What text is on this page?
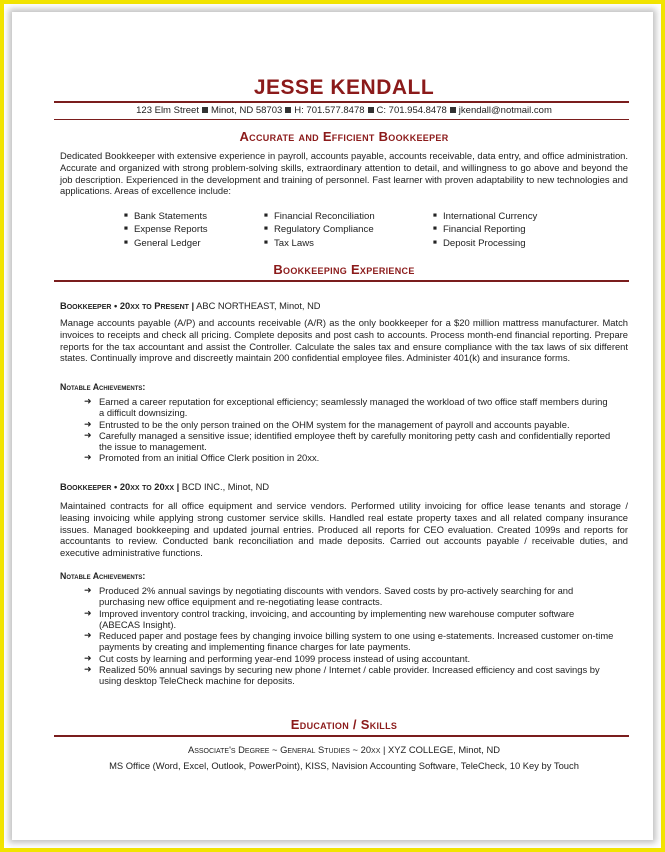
JESSE KENDALL
123 Elm Street Minot, ND 58703 H: 701.577.8478 C: 701.954.8478 jkendall@notmail.com
Accurate and Efficient Bookkeeper
Dedicated Bookkeeper with extensive experience in payroll, accounts payable, accounts receivable, data entry, and office administration. Accurate and organized with strong problem-solving skills, extraordinary attention to detail, and willingness to go above and beyond the job description. Experienced in the development and training of personnel. Fast learner with proven adaptability to new technologies and applications. Areas of excellence include:
■ Bank Statements
■ Expense Reports
■ General Ledger
■ Financial Reconciliation
■ Regulatory Compliance
■ Tax Laws
■ International Currency
■ Financial Reporting
■ Deposit Processing
Bookkeeping Experience
Bookkeeper • 20xx to Present | ABC NORTHEAST, Minot, ND
Manage accounts payable (A/P) and accounts receivable (A/R) as the only bookkeeper for a $20 million mattress manufacturer. Match invoices to receipts and check all pricing. Complete deposits and post cash to accounts. Process month-end financial reporting. Prepare reports for the tax accountant and assist the Controller. Calculate the sales tax and ensure compliance with the tax laws of six different states. Continually improve and discreetly maintain 200 confidential employee files. Administer 401(k) and insurance forms.
Notable Achievements:
➜ Earned a career reputation for exceptional efficiency; seamlessly managed the workload of two office staff members during a difficult downsizing.
➜ Entrusted to be the only person trained on the OHM system for the management of payroll and accounts payable.
➜ Carefully managed a sensitive issue; identified employee theft by carefully monitoring petty cash and confidentially reported the issue to management.
➜ Promoted from an initial Office Clerk position in 20xx.
Bookkeeper • 20xx to 20xx | BCD INC., Minot, ND
Maintained contracts for all office equipment and service vendors. Performed utility invoicing for office lease tenants and storage / leasing invoicing while applying strong customer service skills. Handled real estate property taxes and all related company insurance issues. Managed bookkeeping and updated journal entries. Produced all reports for CEO evaluation. Created 1099s and reports for accountants to review. Conducted bank reconciliation and made deposits. Carried out accounts payable / receivable duties, and executive administrative functions.
Notable Achievements:
➜ Produced 2% annual savings by negotiating discounts with vendors. Saved costs by pro-actively searching for and purchasing new office equipment and re-negotiating lease contracts.
➜ Improved inventory control tracking, invoicing, and accounting by implementing new warehouse computer software (ABECAS Insight).
➜ Reduced paper and postage fees by changing invoice billing system to one using e-statements. Increased customer on-time payments by creating and implementing finance charges for late payments.
➜ Cut costs by learning and performing year-end 1099 process instead of using accountant.
➜ Realized 50% annual savings by securing new phone / Internet / cable provider. Increased efficiency and cost savings by using desktop TeleCheck machine for deposits.
Education / Skills
Associate's Degree ~ General Studies ~ 20xx | XYZ COLLEGE, Minot, ND
MS Office (Word, Excel, Outlook, PowerPoint), KISS, Navision Accounting Software, TeleCheck, 10 Key by Touch
